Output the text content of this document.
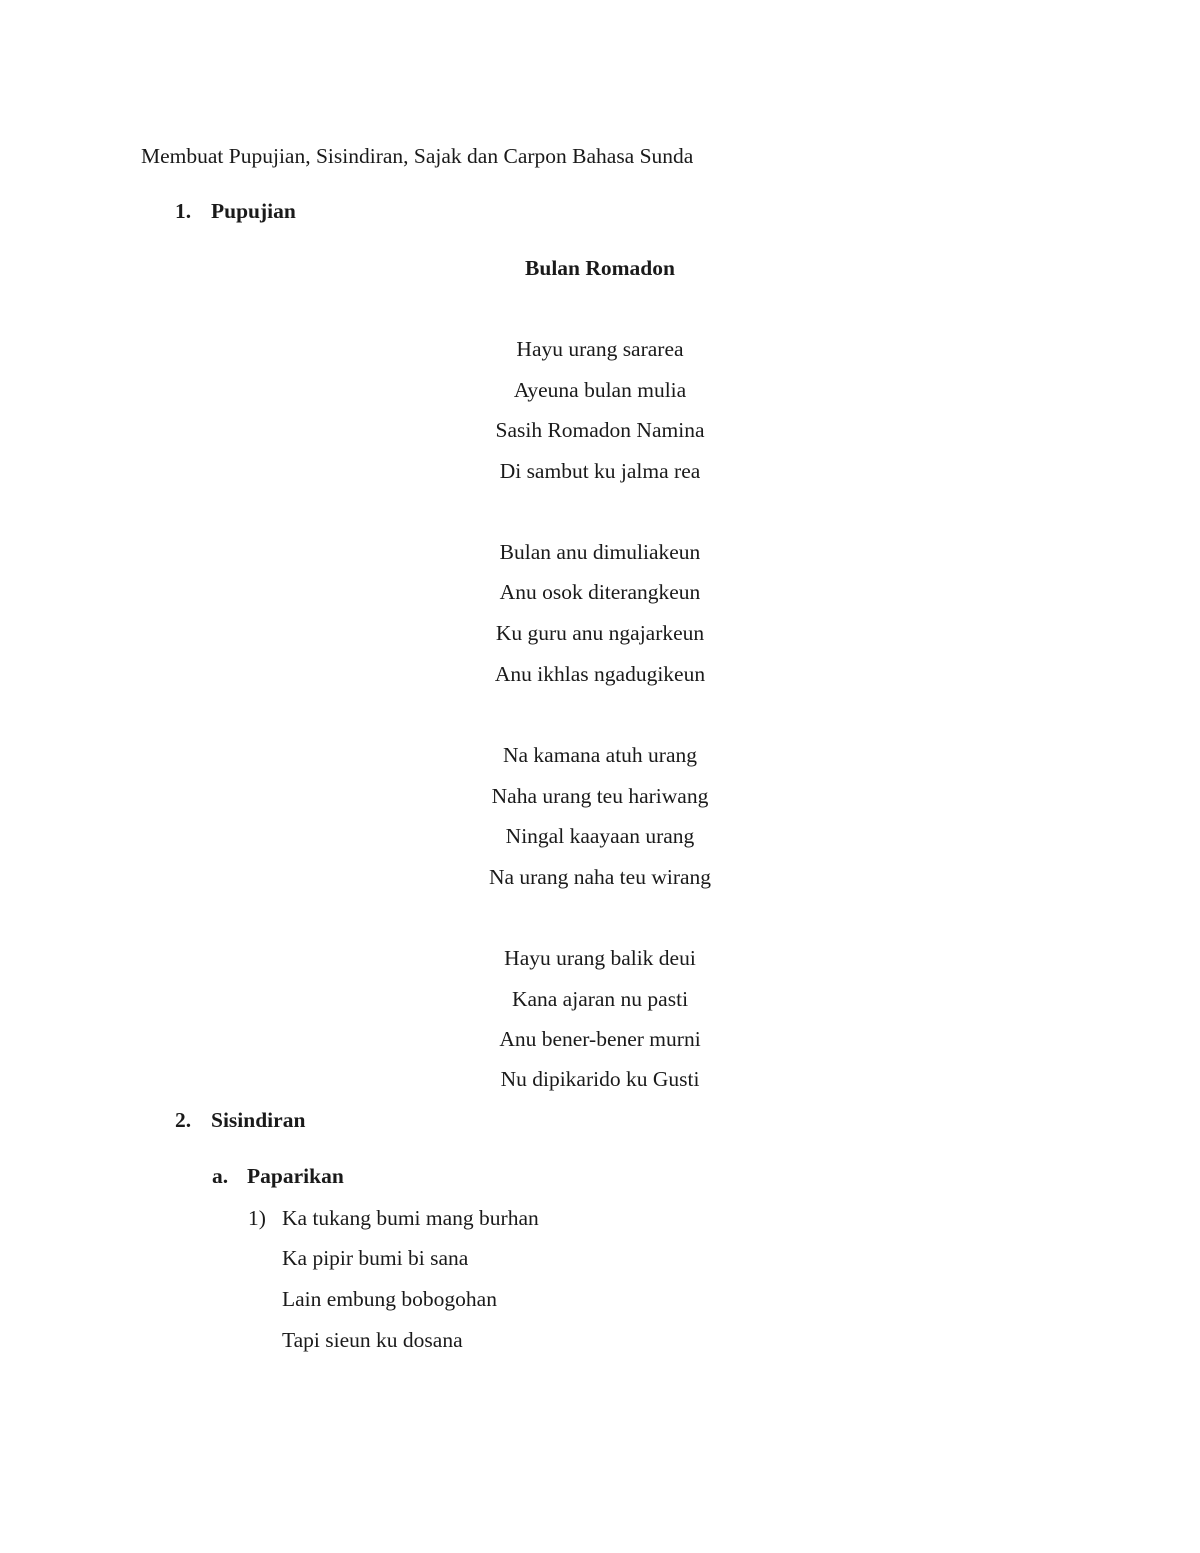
Membuat Pupujian, Sisindiran, Sajak dan Carpon Bahasa Sunda
1. Pupujian
Bulan Romadon
Hayu urang sararea
Ayeuna bulan mulia
Sasih Romadon Namina
Di sambut ku jalma rea
Bulan anu dimuliakeun
Anu osok diterangkeun
Ku guru anu ngajarkeun
Anu ikhlas ngadugikeun
Na kamana atuh urang
Naha urang teu hariwang
Ningal kaayaan urang
Na urang naha teu wirang
Hayu urang balik deui
Kana ajaran nu pasti
Anu bener-bener murni
Nu dipikarido ku Gusti
2. Sisindiran
a. Paparikan
1) Ka tukang bumi mang burhan
Ka pipir bumi bi sana
Lain embung bobogohan
Tapi sieun ku dosana
